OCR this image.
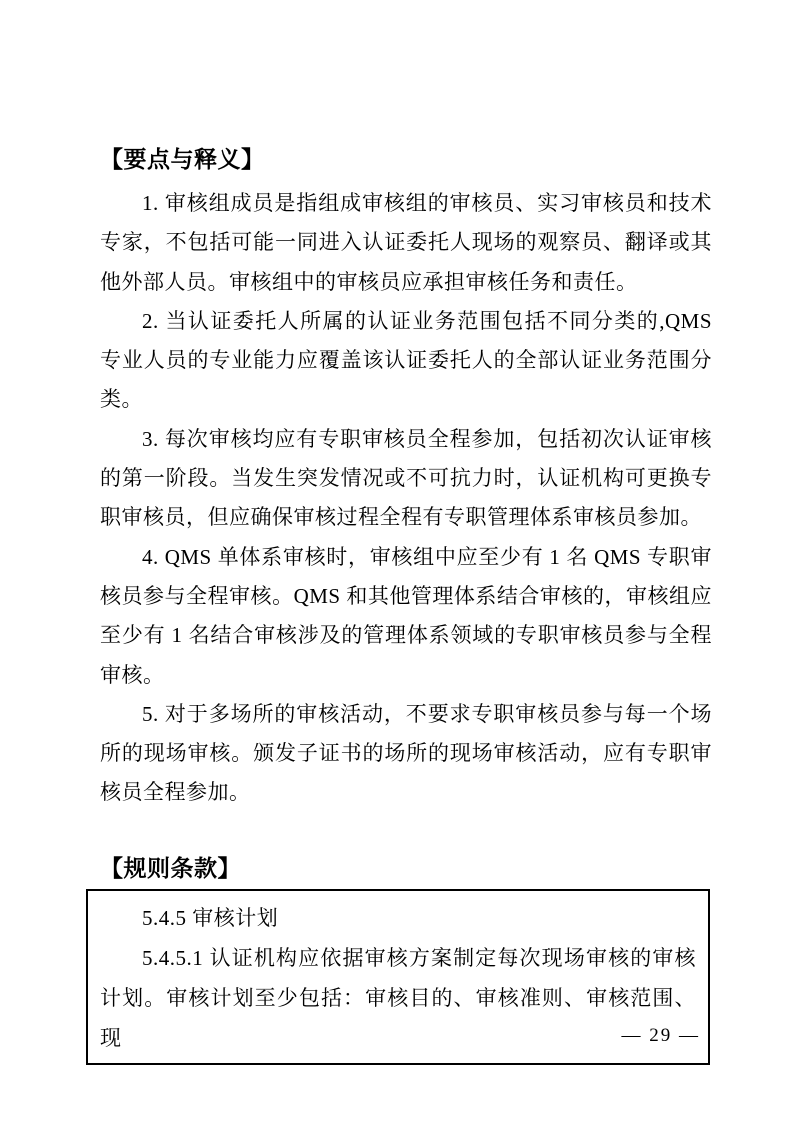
【要点与释义】

1. 审核组成员是指组成审核组的审核员、实习审核员和技术专家，不包括可能一同进入认证委托人现场的观察员、翻译或其他外部人员。审核组中的审核员应承担审核任务和责任。

2. 当认证委托人所属的认证业务范围包括不同分类的,QMS 专业人员的专业能力应覆盖该认证委托人的全部认证业务范围分类。

3. 每次审核均应有专职审核员全程参加，包括初次认证审核的第一阶段。当发生突发情况或不可抗力时，认证机构可更换专职审核员，但应确保审核过程全程有专职管理体系审核员参加。

4. QMS 单体系审核时，审核组中应至少有 1 名 QMS 专职审核员参与全程审核。QMS 和其他管理体系结合审核的，审核组应至少有 1 名结合审核涉及的管理体系领域的专职审核员参与全程审核。

5. 对于多场所的审核活动，不要求专职审核员参与每一个场所的现场审核。颁发子证书的场所的现场审核活动，应有专职审核员全程参加。

【规则条款】

5.4.5 审核计划

5.4.5.1 认证机构应依据审核方案制定每次现场审核的审核计划。审核计划至少包括：审核目的、审核准则、审核范围、现	— 29 —
